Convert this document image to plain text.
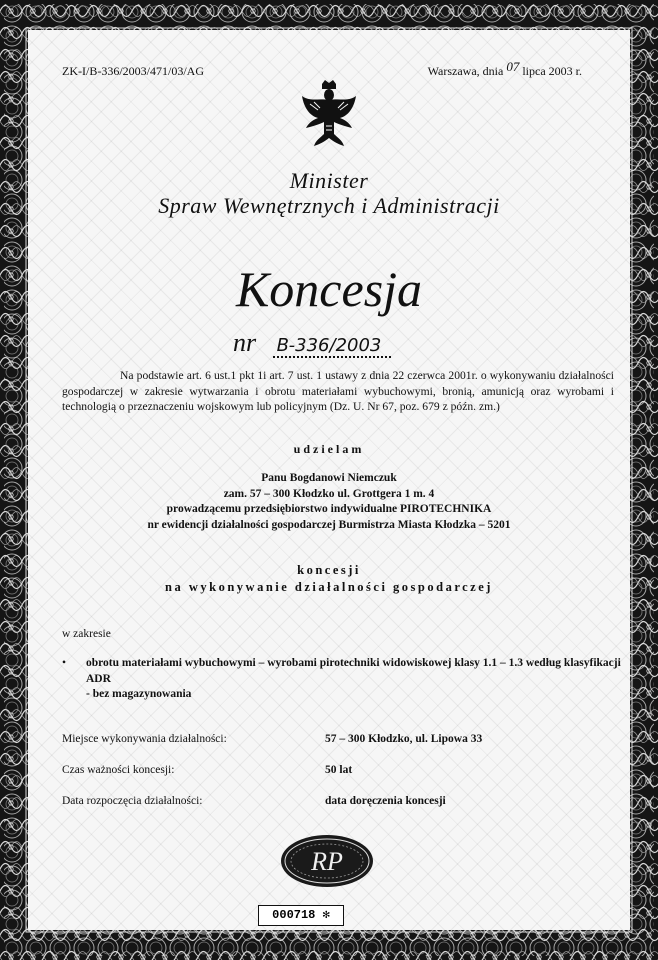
ZK-I/B-336/2003/471/03/AG	Warszawa, dnia 07 lipca 2003 r.
Minister
Spraw Wewnętrznych i Administracji
Koncesja
nr B-336/2003
Na podstawie art. 6 ust.1 pkt 1i art. 7 ust. 1 ustawy z dnia 22 czerwca 2001r. o wykonywaniu działalności gospodarczej w zakresie wytwarzania i obrotu materiałami wybuchowymi, bronią, amunicją oraz wyrobami i technologią o przeznaczeniu wojskowym lub policyjnym (Dz. U. Nr 67, poz. 679 z późn. zm.)
udzielam
Panu Bogdanowi Niemczuk
zam. 57 – 300 Kłodzko ul. Grottgera 1 m. 4
prowadzącemu przedsiębiorstwo indywidualne PIROTECHNIKA
nr ewidencji działalności gospodarczej Burmistrza Miasta Kłodzka – 5201
koncesji
na wykonywanie działalności gospodarczej
w zakresie
• obrotu materiałami wybuchowymi – wyrobami pirotechniki widowiskowej klasy 1.1 – 1.3 według klasyfikacji ADR
- bez magazynowania
Miejsce wykonywania działalności:	57 – 300 Kłodzko, ul. Lipowa 33
Czas ważności koncesji:	50 lat
Data rozpoczęcia działalności:	data doręczenia koncesji
RP
000718 ✻
